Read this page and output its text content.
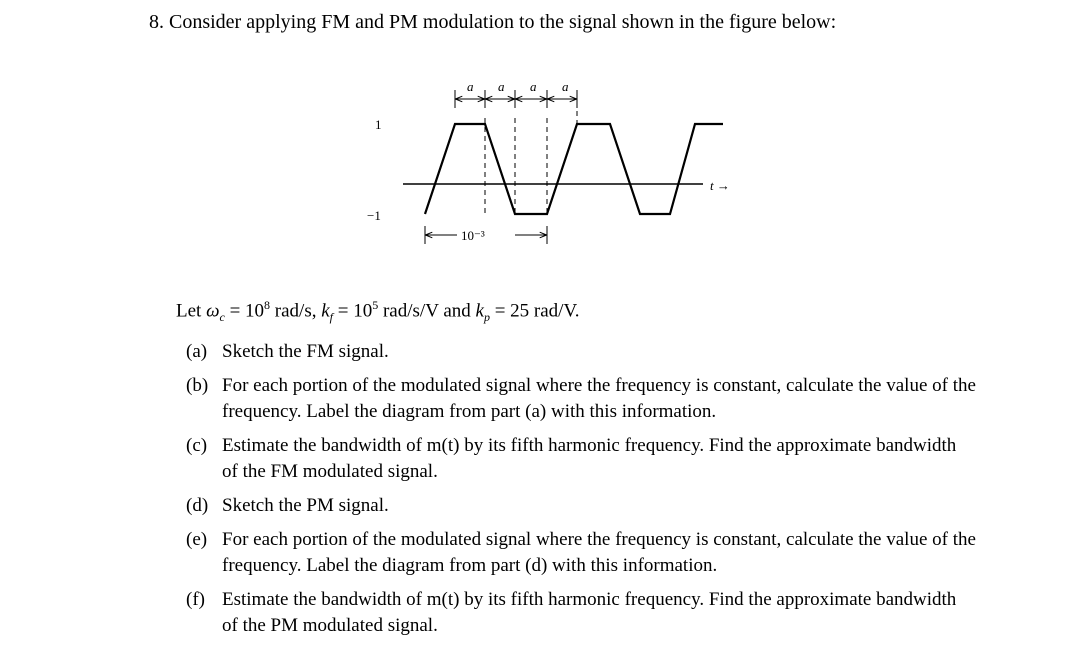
8. Consider applying FM and PM modulation to the signal shown in the figure below:
a a a a
1
−1
t →
10⁻³
Let $\omega_c = 10^8$ rad/s, $k_f = 10^5$ rad/s/V and $k_p = 25$ rad/V.
(a) Sketch the FM signal.
(b) For each portion of the modulated signal where the frequency is constant, calculate the value of the frequency. Label the diagram from part (a) with this information.
(c) Estimate the bandwidth of m(t) by its fifth harmonic frequency. Find the approximate bandwidth of the FM modulated signal.
(d) Sketch the PM signal.
(e) For each portion of the modulated signal where the frequency is constant, calculate the value of the frequency. Label the diagram from part (d) with this information.
(f) Estimate the bandwidth of m(t) by its fifth harmonic frequency. Find the approximate bandwidth of the PM modulated signal.
